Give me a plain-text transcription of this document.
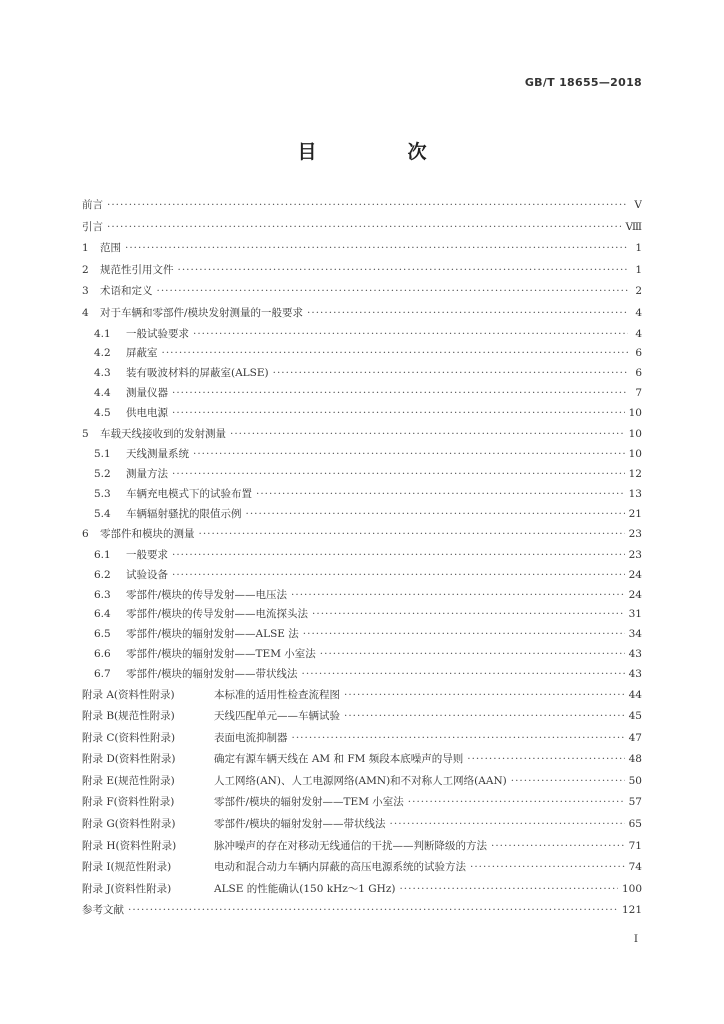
GB/T 18655—2018
目　次
前言 ·····	Ⅴ
引言 ·····	Ⅷ
1	范围 ·····	1
2	规范性引用文件 ·····	1
3	术语和定义 ·····	2
4	对于车辆和零部件/模块发射测量的一般要求 ·····	4
4.1	一般试验要求 ·····	4
4.2	屏蔽室 ·····	6
4.3	装有吸波材料的屏蔽室(ALSE) ·····	6
4.4	测量仪器 ·····	7
4.5	供电电源 ·····	10
5	车载天线接收到的发射测量 ·····	10
5.1	天线测量系统 ·····	10
5.2	测量方法 ·····	12
5.3	车辆充电模式下的试验布置 ·····	13
5.4	车辆辐射骚扰的限值示例 ·····	21
6	零部件和模块的测量 ·····	23
6.1	一般要求 ·····	23
6.2	试验设备 ·····	24
6.3	零部件/模块的传导发射——电压法 ·····	24
6.4	零部件/模块的传导发射——电流探头法 ·····	31
6.5	零部件/模块的辐射发射——ALSE 法 ·····	34
6.6	零部件/模块的辐射发射——TEM 小室法 ·····	43
6.7	零部件/模块的辐射发射——带状线法 ·····	43
附录 A(资料性附录)	本标准的适用性检查流程图 ·····	44
附录 B(规范性附录)	天线匹配单元——车辆试验 ·····	45
附录 C(资料性附录)	表面电流抑制器 ·····	47
附录 D(资料性附录)	确定有源车辆天线在 AM 和 FM 频段本底噪声的导则 ·····	48
附录 E(规范性附录)	人工网络(AN)、人工电源网络(AMN)和不对称人工网络(AAN) ·····	50
附录 F(资料性附录)	零部件/模块的辐射发射——TEM 小室法 ·····	57
附录 G(资料性附录)	零部件/模块的辐射发射——带状线法 ·····	65
附录 H(资料性附录)	脉冲噪声的存在对移动无线通信的干扰——判断降级的方法 ·····	71
附录 I(规范性附录)	电动和混合动力车辆内屏蔽的高压电源系统的试验方法 ·····	74
附录 J(资料性附录)	ALSE 的性能确认(150 kHz～1 GHz) ·····	100
参考文献 ·····	121
Ⅰ
